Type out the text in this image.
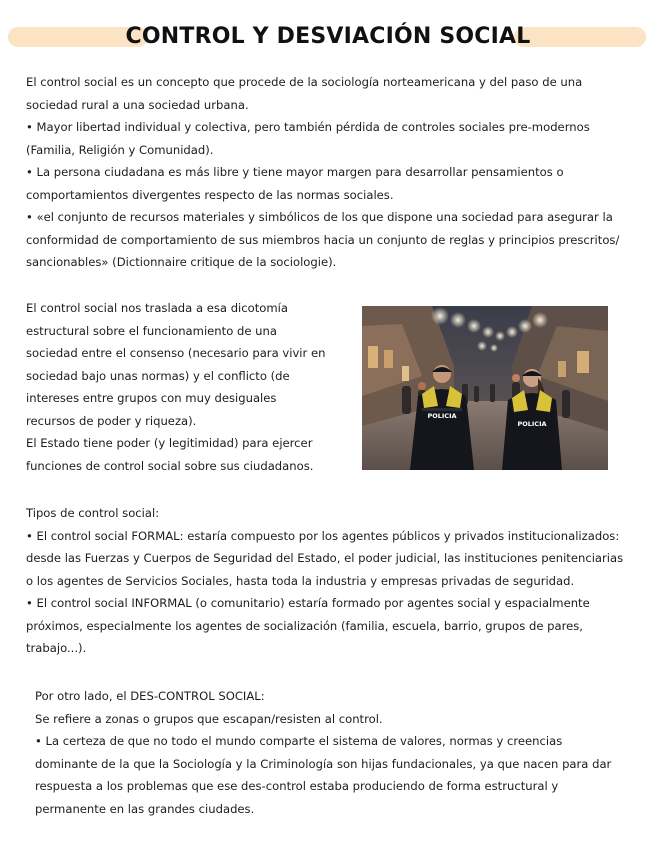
CONTROL Y DESVIACIÓN SOCIAL
El control social es un concepto que procede de la sociología norteamericana y del paso de una sociedad rural a una sociedad urbana.
• Mayor libertad individual y colectiva, pero también pérdida de controles sociales pre-modernos (Familia, Religión y Comunidad).
• La persona ciudadana es más libre y tiene mayor margen para desarrollar pensamientos o comportamientos divergentes respecto de las normas sociales.
• «el conjunto de recursos materiales y simbólicos de los que dispone una sociedad para asegurar la conformidad de comportamiento de sus miembros hacia un conjunto de reglas y principios prescritos/ sancionables» (Dictionnaire critique de la sociologie).
El control social nos traslada a esa dicotomía estructural sobre el funcionamiento de una sociedad entre el consenso (necesario para vivir en sociedad bajo unas normas) y el conflicto (de intereses entre grupos con muy desiguales recursos de poder y riqueza).
El Estado tiene poder (y legitimidad) para ejercer funciones de control social sobre sus ciudadanos.
POLICIA
POLICIA
Tipos de control social:
• El control social FORMAL: estaría compuesto por los agentes públicos y privados institucionalizados: desde las Fuerzas y Cuerpos de Seguridad del Estado, el poder judicial, las instituciones penitenciarias o los agentes de Servicios Sociales, hasta toda la industria y empresas privadas de seguridad.
• El control social INFORMAL (o comunitario) estaría formado por agentes social y espacialmente próximos, especialmente los agentes de socialización (familia, escuela, barrio, grupos de pares, trabajo...).
Por otro lado, el DES-CONTROL SOCIAL:
Se refiere a zonas o grupos que escapan/resisten al control.
• La certeza de que no todo el mundo comparte el sistema de valores, normas y creencias dominante de la que la Sociología y la Criminología son hijas fundacionales, ya que nacen para dar respuesta a los problemas que ese des-control estaba produciendo de forma estructural y permanente en las grandes ciudades.
